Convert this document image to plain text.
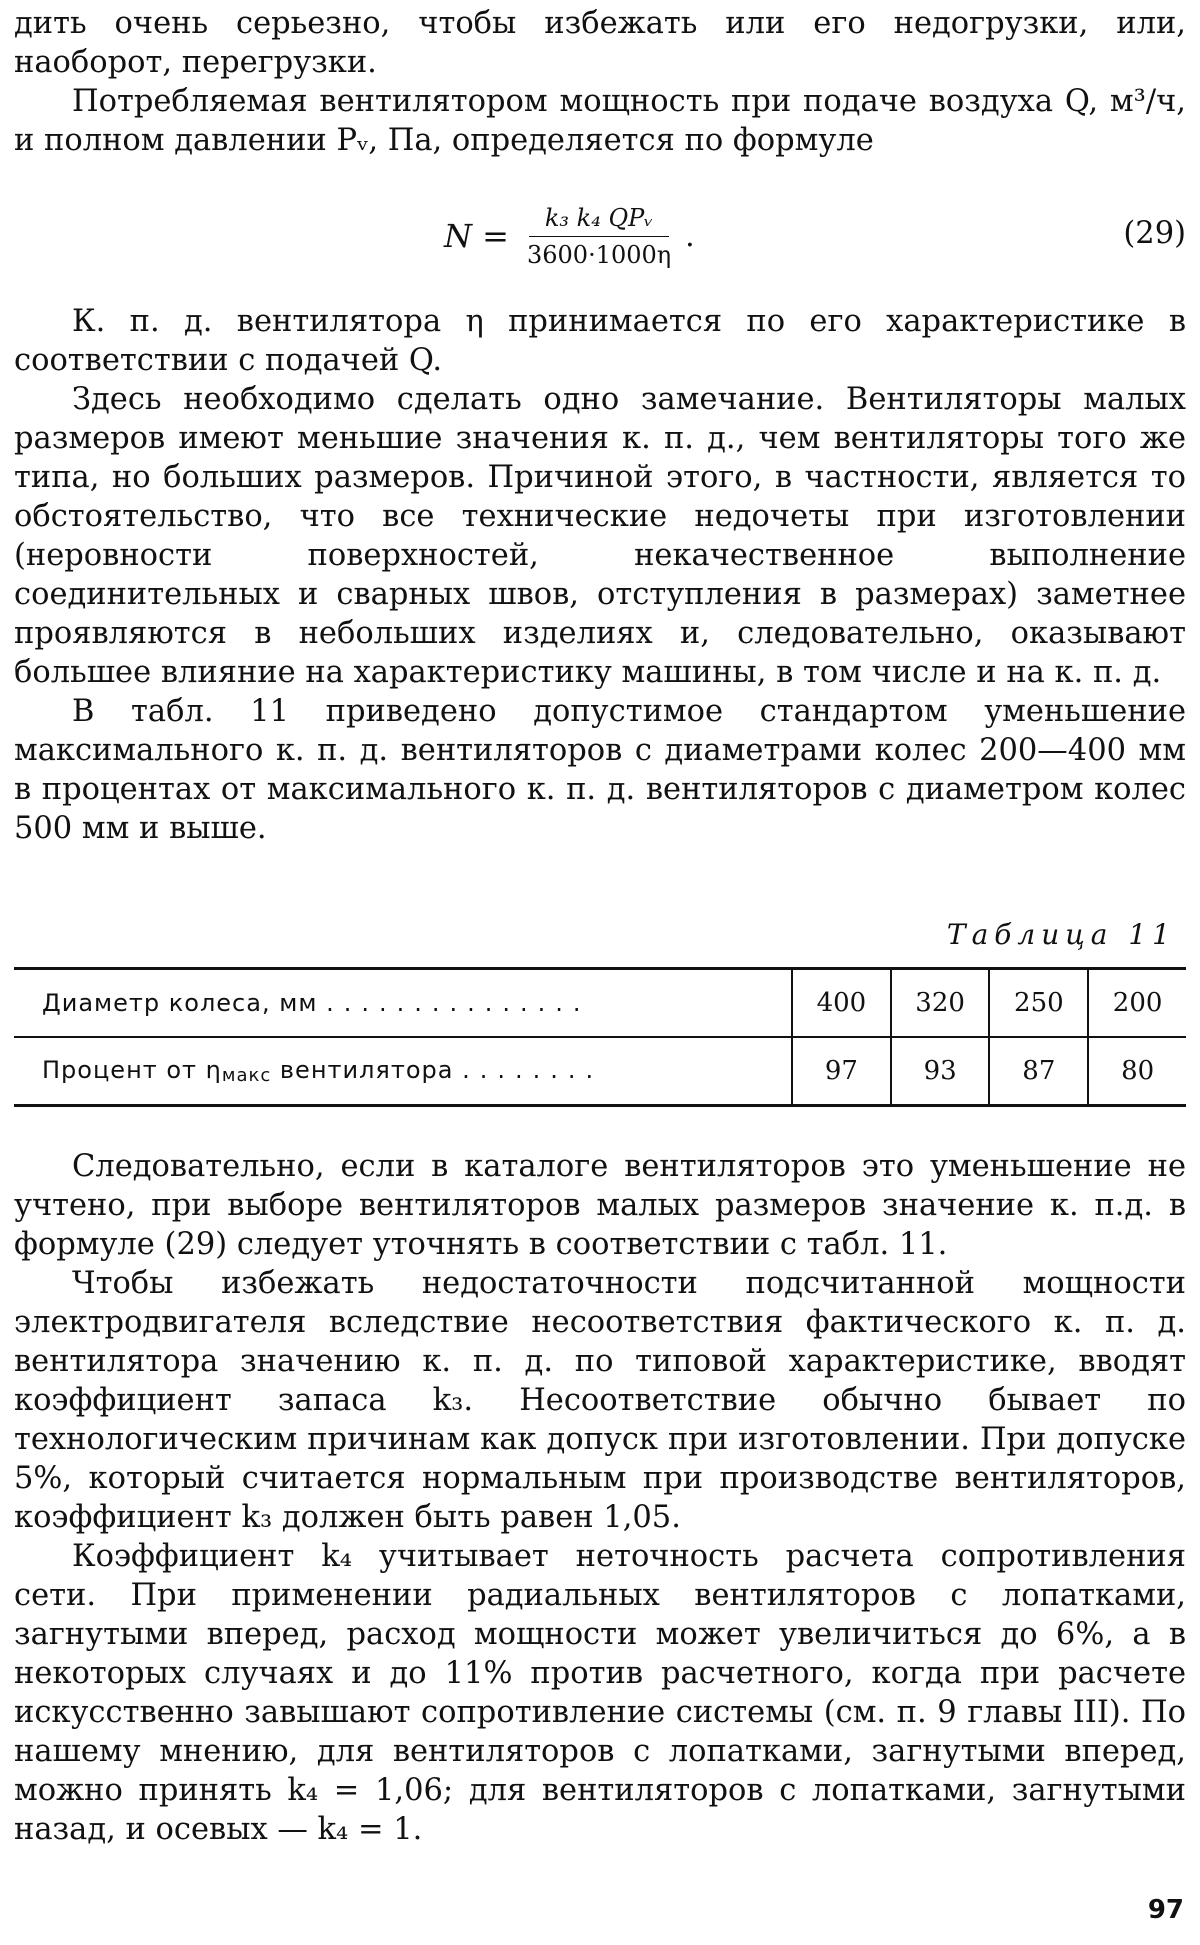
дить очень серьезно, чтобы избежать или его недогрузки, или, наоборот, перегрузки.

Потребляемая вентилятором мощность при подаче воздуха Q, м³/ч, и полном давлении Pᵥ, Па, определяется по формуле

$N = \frac{\text{k₃ k₄ QPᵥ}}{3600\cdot 1000\eta}$ .	(29)

К. п. д. вентилятора η принимается по его характеристике в соответствии с подачей Q.

Здесь необходимо сделать одно замечание. Вентиляторы малых размеров имеют меньшие значения к. п. д., чем вентиляторы того же типа, но больших размеров. Причиной этого, в частности, является то обстоятельство, что все технические недочеты при изготовлении (неровности поверхностей, некачественное выполнение соединительных и сварных швов, отступления в размерах) заметнее проявляются в небольших изделиях и, следовательно, оказывают большее влияние на характеристику машины, в том числе и на к. п. д.

В табл. 11 приведено допустимое стандартом уменьшение максимального к. п. д. вентиляторов с диаметрами колес 200—400 мм в процентах от максимального к. п. д. вентиляторов с диаметром колес 500 мм и выше.

Таблица 11
Диаметр колеса, мм ...............	400	320	250	200
Процент от ηмакс вентилятора ........	97	93	87	80

Следовательно, если в каталоге вентиляторов это уменьшение не учтено, при выборе вентиляторов малых размеров значение к. п.д. в формуле (29) следует уточнять в соответствии с табл. 11.

Чтобы избежать недостаточности подсчитанной мощности электродвигателя вследствие несоответствия фактического к. п. д. вентилятора значению к. п. д. по типовой характеристике, вводят коэффициент запаса k₃. Несоответствие обычно бывает по технологическим причинам как допуск при изготовлении. При допуске 5%, который считается нормальным при производстве вентиляторов, коэффициент k₃ должен быть равен 1,05.

Коэффициент k₄ учитывает неточность расчета сопротивления сети. При применении радиальных вентиляторов с лопатками, загнутыми вперед, расход мощности может увеличиться до 6%, а в некоторых случаях и до 11% против расчетного, когда при расчете искусственно завышают сопротивление системы (см. п. 9 главы III). По нашему мнению, для вентиляторов с лопатками, загнутыми вперед, можно принять k₄ = 1,06; для вентиляторов с лопатками, загнутыми назад, и осевых — k₄ = 1.

97
